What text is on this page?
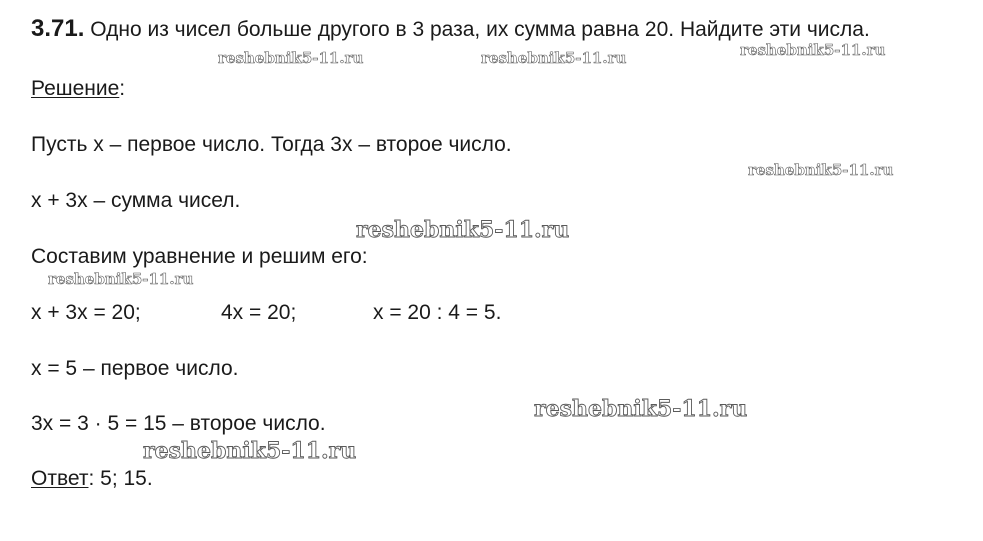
3.71. Одно из чисел больше другого в 3 раза, их сумма равна 20. Найдите эти числа.
Решение:
Пусть х – первое число. Тогда 3х – второе число.
х + 3х – сумма чисел.
Составим уравнение и решим его:
х + 3х = 20;	4х = 20;	х = 20 : 4 = 5.
х = 5 – первое число.
3х = 3 · 5 = 15 – второе число.
Ответ: 5; 15.
reshebnik5-11.ru	reshebnik5-11.ru	reshebnik5-11.ru
reshebnik5-11.ru
reshebnik5-11.ru
reshebnik5-11.ru
reshebnik5-11.ru
reshebnik5-11.ru
